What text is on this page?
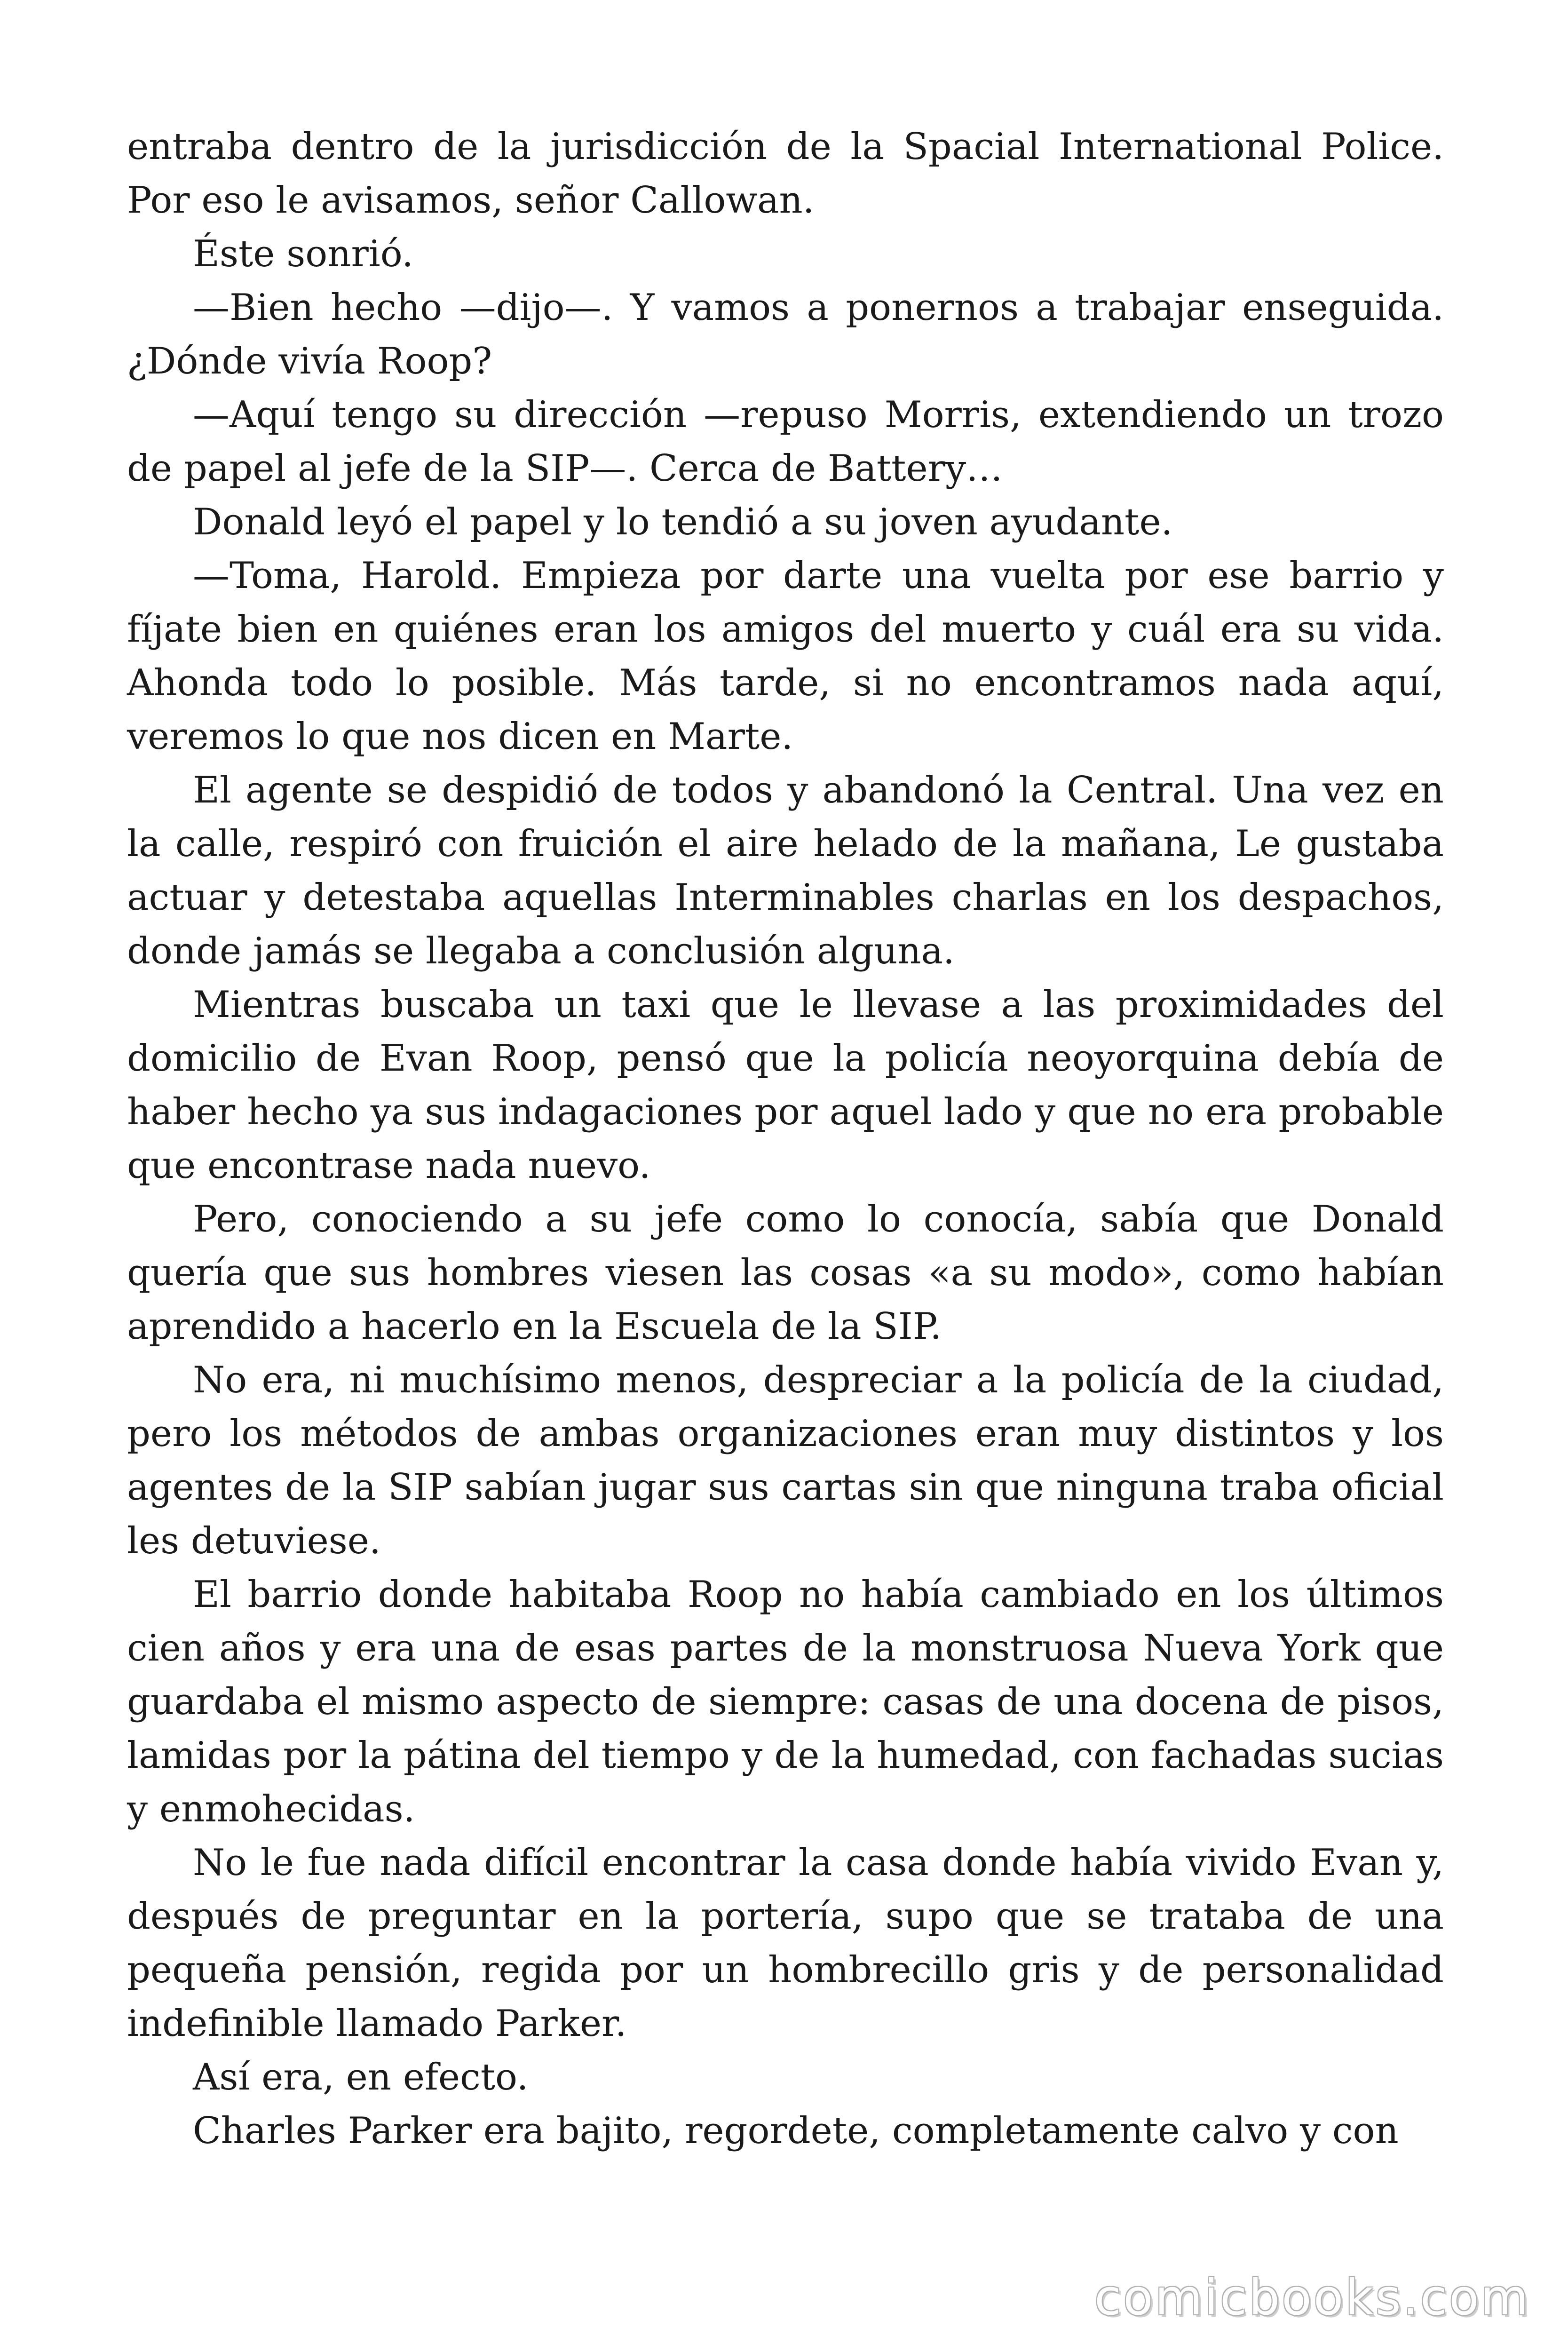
entraba dentro de la jurisdicción de la Spacial International Police. Por eso le avisamos, señor Callowan.

Éste sonrió.

—Bien hecho —dijo—. Y vamos a ponernos a trabajar enseguida. ¿Dónde vivía Roop?

—Aquí tengo su dirección —repuso Morris, extendiendo un trozo de papel al jefe de la SIP—. Cerca de Battery…

Donald leyó el papel y lo tendió a su joven ayudante.

—Toma, Harold. Empieza por darte una vuelta por ese barrio y fíjate bien en quiénes eran los amigos del muerto y cuál era su vida. Ahonda todo lo posible. Más tarde, si no encontramos nada aquí, veremos lo que nos dicen en Marte.

El agente se despidió de todos y abandonó la Central. Una vez en la calle, respiró con fruición el aire helado de la mañana, Le gustaba actuar y detestaba aquellas Interminables charlas en los despachos, donde jamás se llegaba a conclusión alguna.

Mientras buscaba un taxi que le llevase a las proximidades del domicilio de Evan Roop, pensó que la policía neoyorquina debía de haber hecho ya sus indagaciones por aquel lado y que no era probable que encontrase nada nuevo.

Pero, conociendo a su jefe como lo conocía, sabía que Donald quería que sus hombres viesen las cosas «a su modo», como habían aprendido a hacerlo en la Escuela de la SIP.

No era, ni muchísimo menos, despreciar a la policía de la ciudad, pero los métodos de ambas organizaciones eran muy distintos y los agentes de la SIP sabían jugar sus cartas sin que ninguna traba oficial les detuviese.

El barrio donde habitaba Roop no había cambiado en los últimos cien años y era una de esas partes de la monstruosa Nueva York que guardaba el mismo aspecto de siempre: casas de una docena de pisos, lamidas por la pátina del tiempo y de la humedad, con fachadas sucias y enmohecidas.

No le fue nada difícil encontrar la casa donde había vivido Evan y, después de preguntar en la portería, supo que se trataba de una pequeña pensión, regida por un hombrecillo gris y de personalidad indefinible llamado Parker.

Así era, en efecto.

Charles Parker era bajito, regordete, completamente calvo y con

comicbooks.com
